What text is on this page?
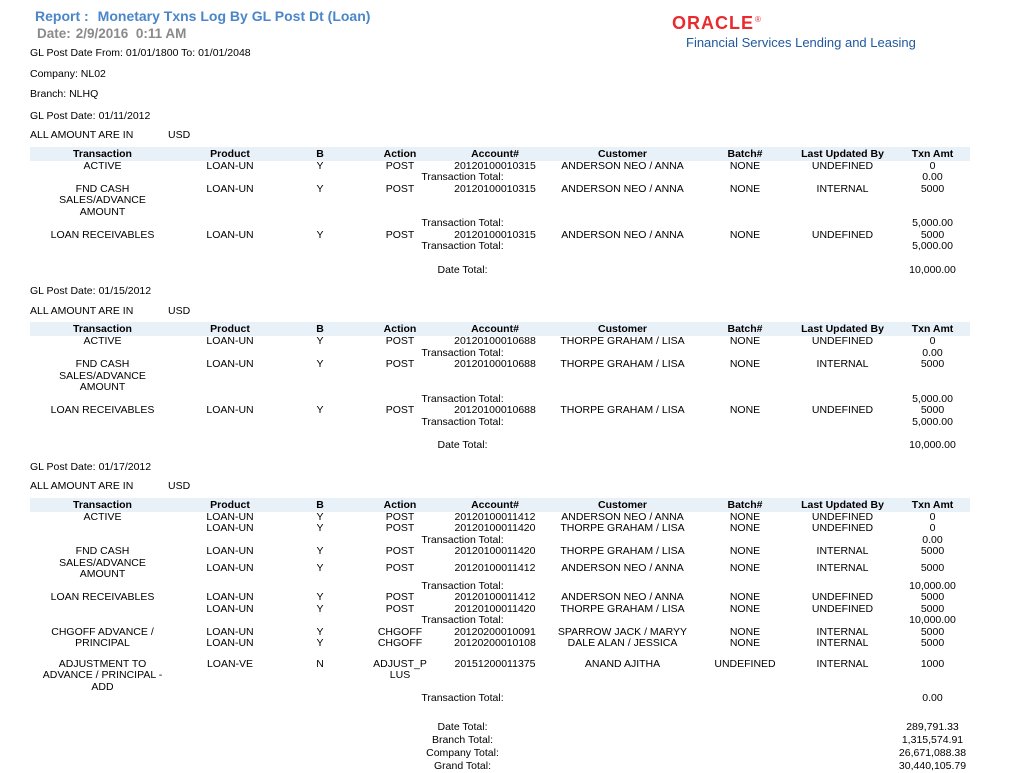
Report : Monetary Txns Log By GL Post Dt (Loan)
Date: 2/9/2016  0:11 AM
ORACLE®
Financial Services Lending and Leasing

GL Post Date From: 01/01/1800 To: 01/01/2048

Company: NL02

Branch: NLHQ

GL Post Date: 01/11/2012

ALL AMOUNT ARE IN	USD

Transaction	Product	B	Action	Account#	Customer	Batch#	Last Updated By	Txn Amt
ACTIVE	LOAN-UN	Y	POST	20120100010315	ANDERSON NEO / ANNA	NONE	UNDEFINED	0
Transaction Total:								0.00
FND CASH SALES/⁠ADVANCE AMOUNT	LOAN-UN	Y	POST	20120100010315	ANDERSON NEO / ANNA	NONE	INTERNAL	5000
Transaction Total:								5,000.00
LOAN RECEIVABLES	LOAN-UN	Y	POST	20120100010315	ANDERSON NEO / ANNA	NONE	UNDEFINED	5000
Transaction Total:								5,000.00

Date Total:								10,000.00

GL Post Date: 01/15/2012

ALL AMOUNT ARE IN	USD

Transaction	Product	B	Action	Account#	Customer	Batch#	Last Updated By	Txn Amt
ACTIVE	LOAN-UN	Y	POST	20120100010688	THORPE GRAHAM / LISA	NONE	UNDEFINED	0
Transaction Total:								0.00
FND CASH SALES/⁠ADVANCE AMOUNT	LOAN-UN	Y	POST	20120100010688	THORPE GRAHAM / LISA	NONE	INTERNAL	5000
Transaction Total:								5,000.00
LOAN RECEIVABLES	LOAN-UN	Y	POST	20120100010688	THORPE GRAHAM / LISA	NONE	UNDEFINED	5000
Transaction Total:								5,000.00

Date Total:								10,000.00

GL Post Date: 01/17/2012

ALL AMOUNT ARE IN	USD

Transaction	Product	B	Action	Account#	Customer	Batch#	Last Updated By	Txn Amt
ACTIVE	LOAN-UN	Y	POST	20120100011412	ANDERSON NEO / ANNA	NONE	UNDEFINED	0
	LOAN-UN	Y	POST	20120100011420	THORPE GRAHAM / LISA	NONE	UNDEFINED	0
Transaction Total:								0.00
FND CASH SALES/⁠ADVANCE AMOUNT	LOAN-UN	Y	POST	20120100011420	THORPE GRAHAM / LISA	NONE	INTERNAL	5000
	LOAN-UN	Y	POST	20120100011412	ANDERSON NEO / ANNA	NONE	INTERNAL	5000
Transaction Total:								10,000.00
LOAN RECEIVABLES	LOAN-UN	Y	POST	20120100011412	ANDERSON NEO / ANNA	NONE	UNDEFINED	5000
	LOAN-UN	Y	POST	20120100011420	THORPE GRAHAM / LISA	NONE	UNDEFINED	5000
Transaction Total:								10,000.00
CHGOFF ADVANCE / PRINCIPAL	LOAN-UN	Y	CHGOFF	20120200010091	SPARROW JACK / MARYY	NONE	INTERNAL	5000
	LOAN-UN	Y	CHGOFF	20120200010108	DALE ALAN / JESSICA	NONE	INTERNAL	5000

ADJUSTMENT TO ADVANCE / PRINCIPAL - ADD	LOAN-VE	N	ADJUST_PLUS	20151200011375	ANAND AJITHA	UNDEFINED	INTERNAL	1000
Transaction Total:								0.00

Date Total:								289,791.33
Branch Total:								1,315,574.91
Company Total:								26,671,088.38
Grand Total:								30,440,105.79
